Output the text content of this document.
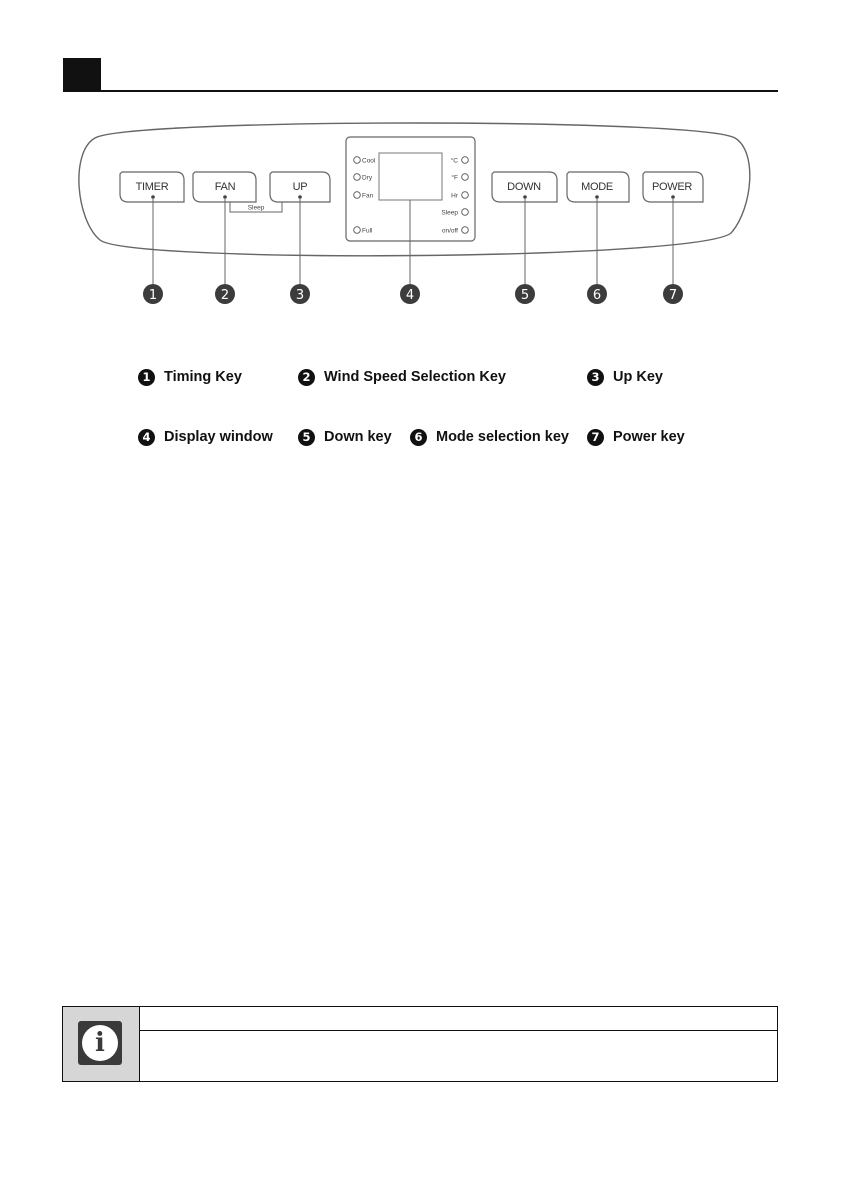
TIMER	FAN
Sleep
UP
Cool
Dry
Fan
Full
°C
°F
Hr
Sleep
on/off
DOWN	MODE	POWER
1	2	3	4	5	6	7
1 Timing Key	2 Wind Speed Selection Key	3 Up Key
4 Display window	5 Down key	6 Mode selection key	7 Power key
i
